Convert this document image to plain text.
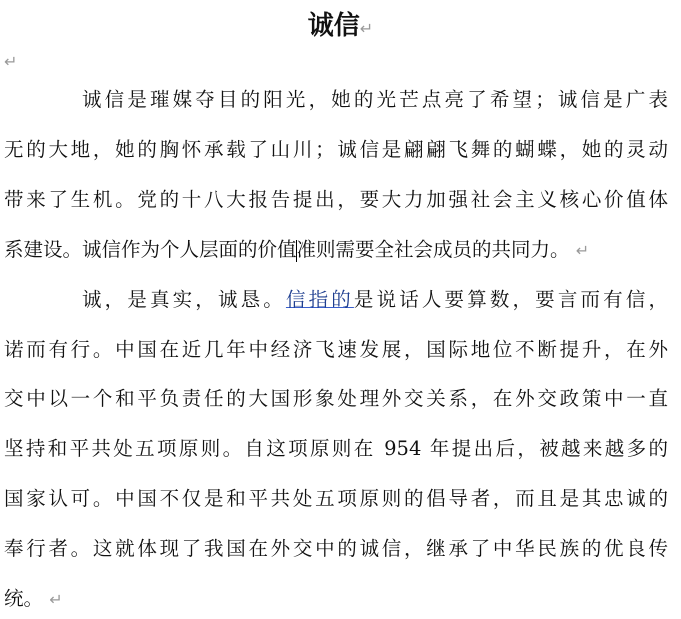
诚信↵
↵
诚信是璀媒夺目的阳光，她的光芒点亮了希望；诚信是广表
无的大地，她的胸怀承载了山川；诚信是翩翩飞舞的蝴蝶，她的灵动
带来了生机。党的十八大报告提出，要大力加强社会主义核心价值体
系建设。诚信作为个人层面的价值准则需要全社会成员的共同力。 ↵
诚，是真实，诚恳。信指的是说话人要算数，要言而有信，
诺而有行。中国在近几年中经济飞速发展，国际地位不断提升，在外
交中以一个和平负责任的大国形象处理外交关系，在外交政策中一直
坚持和平共处五项原则。自这项原则在 954 年提出后，被越来越多的
国家认可。中国不仅是和平共处五项原则的倡导者，而且是其忠诚的
奉行者。这就体现了我国在外交中的诚信，继承了中华民族的优良传
统。 ↵
